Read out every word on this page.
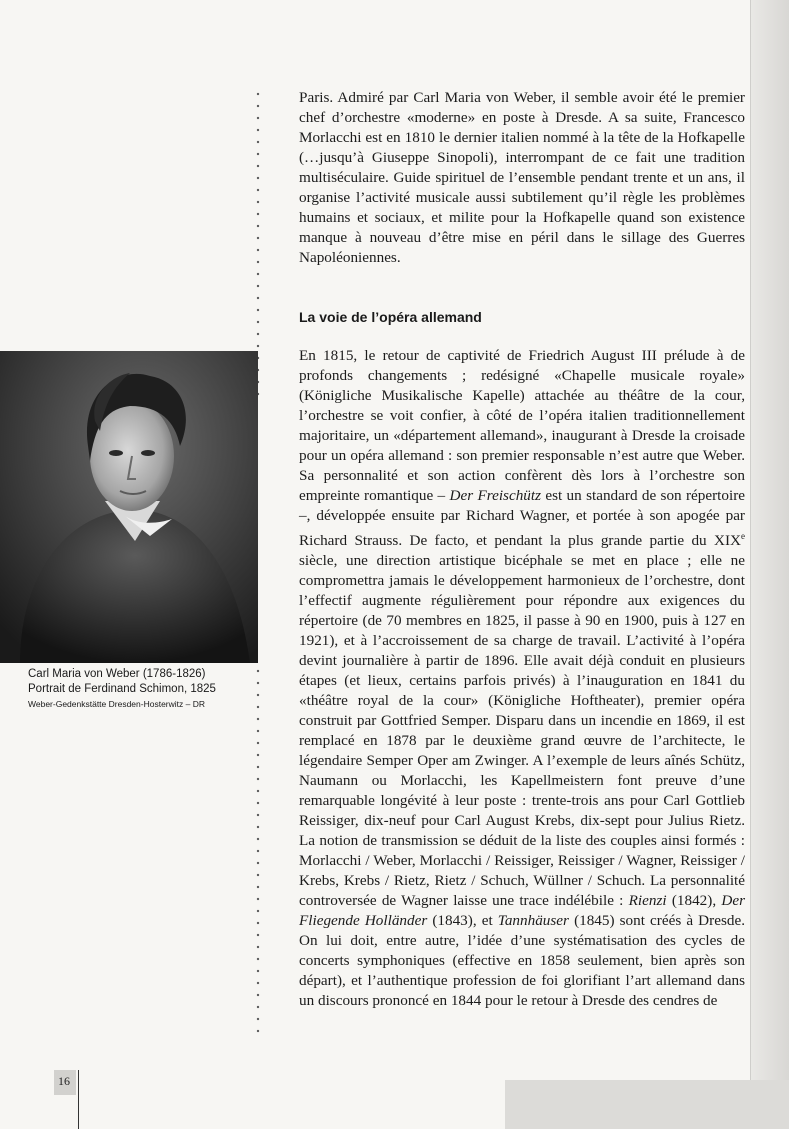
Paris. Admiré par Carl Maria von Weber, il semble avoir été le premier chef d’orchestre «moderne» en poste à Dresde. A sa suite, Francesco Morlacchi est en 1810 le dernier italien nommé à la tête de la Hofkapelle (…jusqu’à Giuseppe Sinopoli), interrompant de ce fait une tradition multiséculaire. Guide spirituel de l’ensemble pendant trente et un ans, il organise l’activité musicale aussi subtilement qu’il règle les problèmes humains et sociaux, et milite pour la Hofkapelle quand son existence manque à nouveau d’être mise en péril dans le sillage des Guerres Napoléoniennes.

La voie de l’opéra allemand

En 1815, le retour de captivité de Friedrich August III prélude à de profonds changements ; redésigné «Chapelle musicale royale» (Königliche Musikalische Kapelle) attachée au théâtre de la cour, l’orchestre se voit confier, à côté de l’opéra italien traditionnellement majoritaire, un «département allemand», inaugurant à Dresde la croisade pour un opéra allemand : son premier responsable n’est autre que Weber. Sa personnalité et son action confèrent dès lors à l’orchestre son empreinte romantique – Der Freischütz est un standard de son répertoire –, développée ensuite par Richard Wagner, et portée à son apogée par Richard Strauss. De facto, et pendant la plus grande partie du XIXe siècle, une direction artistique bicéphale se met en place ; elle ne compromettra jamais le développement harmonieux de l’orchestre, dont l’effectif augmente régulièrement pour répondre aux exigences du répertoire (de 70 membres en 1825, il passe à 90 en 1900, puis à 127 en 1921), et à l’accroissement de sa charge de travail. L’activité à l’opéra devint journalière à partir de 1896. Elle avait déjà conduit en plusieurs étapes (et lieux, certains parfois privés) à l’inauguration en 1841 du «théâtre royal de la cour» (Königliche Hoftheater), premier opéra construit par Gottfried Semper. Disparu dans un incendie en 1869, il est remplacé en 1878 par le deuxième grand œuvre de l’architecte, le légendaire Semper Oper am Zwinger. A l’exemple de leurs aînés Schütz, Naumann ou Morlacchi, les Kapellmeistern font preuve d’une remarquable longévité à leur poste : trente-trois ans pour Carl Gottlieb Reissiger, dix-neuf pour Carl August Krebs, dix-sept pour Julius Rietz. La notion de transmission se déduit de la liste des couples ainsi formés : Morlacchi / Weber, Morlacchi / Reissiger, Reissiger / Wagner, Reissiger / Krebs, Krebs / Rietz, Rietz / Schuch, Wüllner / Schuch. La personnalité controversée de Wagner laisse une trace indélébile : Rienzi (1842), Der Fliegende Holländer (1843), et Tannhäuser (1845) sont créés à Dresde. On lui doit, entre autre, l’idée d’une systématisation des cycles de concerts symphoniques (effective en 1858 seulement, bien après son départ), et l’authentique profession de foi glorifiant l’art allemand dans un discours prononcé en 1844 pour le retour à Dresde des cendres de

Carl Maria von Weber (1786-1826)
Portrait de Ferdinand Schimon, 1825
Weber-Gedenkstätte Dresden-Hosterwitz – DR
16
